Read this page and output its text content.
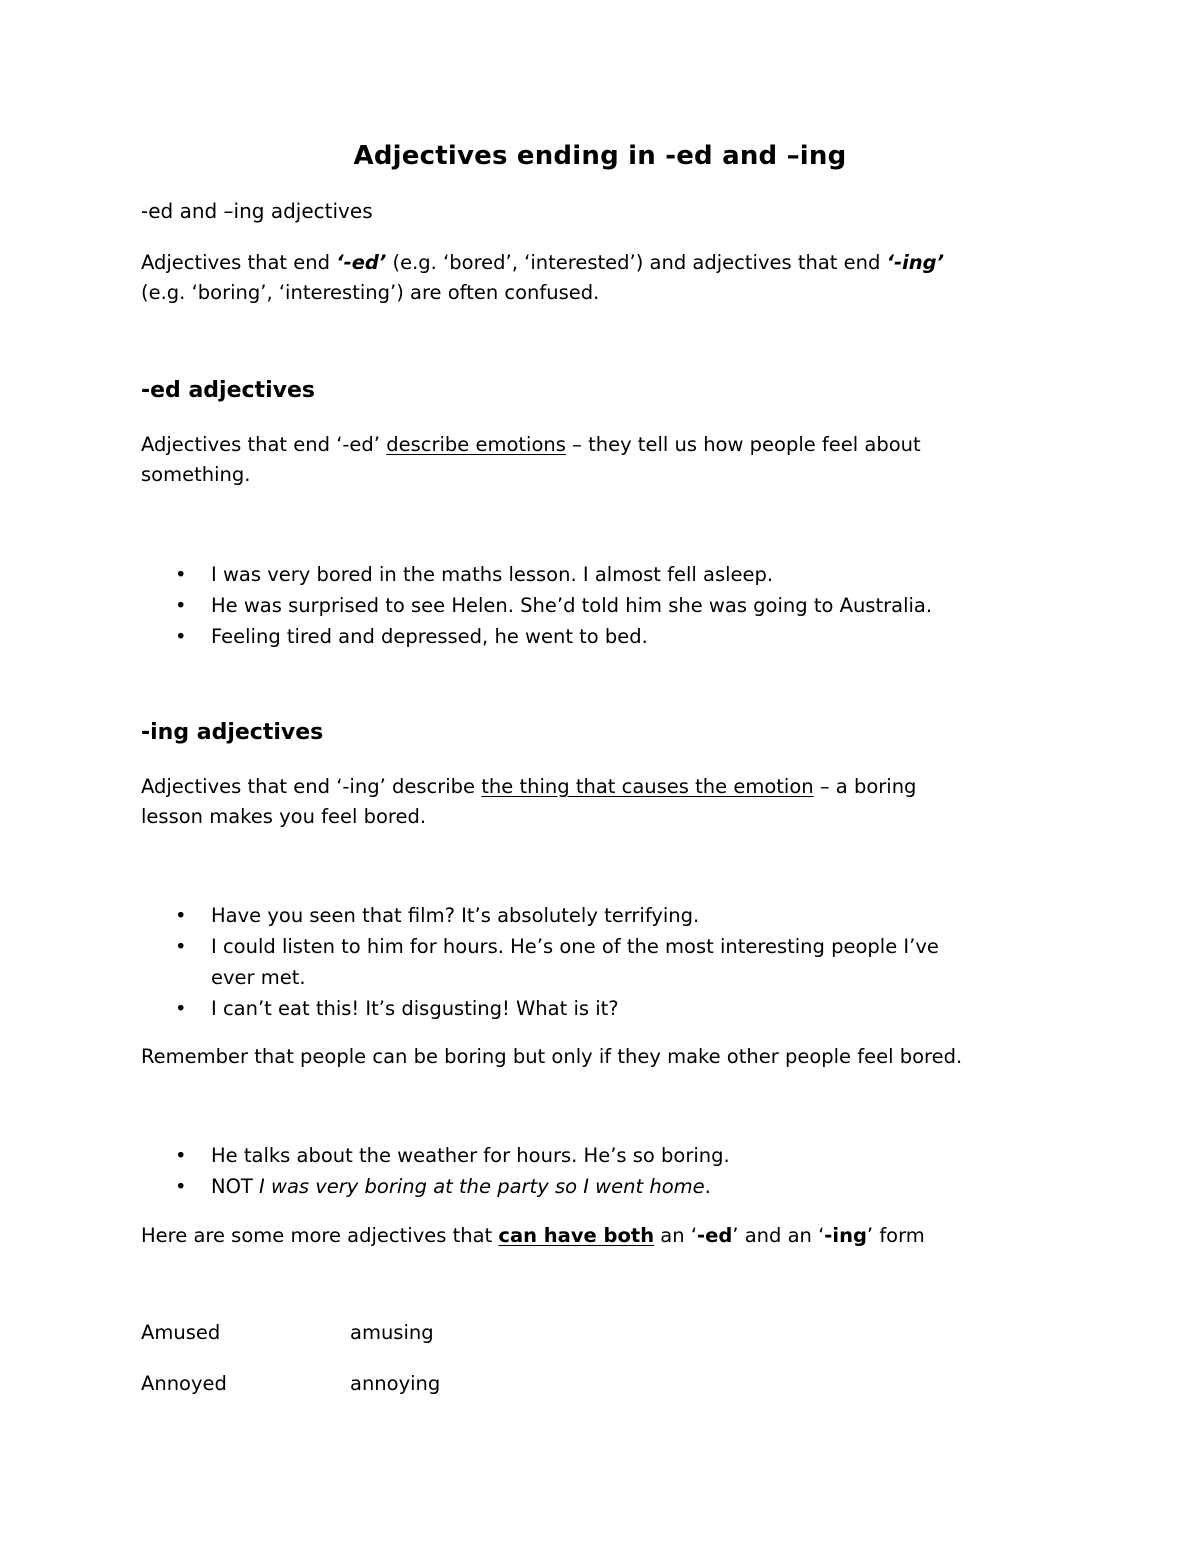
Adjectives ending in -ed and –ing

-ed and –ing adjectives

Adjectives that end ‘-ed’ (e.g. ‘bored’, ‘interested’) and adjectives that end ‘-ing’
(e.g. ‘boring’, ‘interesting’) are often confused.

-ed adjectives

Adjectives that end ‘-ed’ describe emotions – they tell us how people feel about
something.

• I was very bored in the maths lesson. I almost fell asleep.
• He was surprised to see Helen. She’d told him she was going to Australia.
• Feeling tired and depressed, he went to bed.
-ing adjectives

Adjectives that end ‘-ing’ describe the thing that causes the emotion – a boring
lesson makes you feel bored.

• Have you seen that film? It’s absolutely terrifying.
• I could listen to him for hours. He’s one of the most interesting people I’ve
ever met.
• I can’t eat this! It’s disgusting! What is it?

Remember that people can be boring but only if they make other people feel bored.

• He talks about the weather for hours. He’s so boring.
• NOT I was very boring at the party so I went home.

Here are some more adjectives that can have both an ‘-ed’ and an ‘-ing’ form

Amused	amusing
Annoyed	annoying
